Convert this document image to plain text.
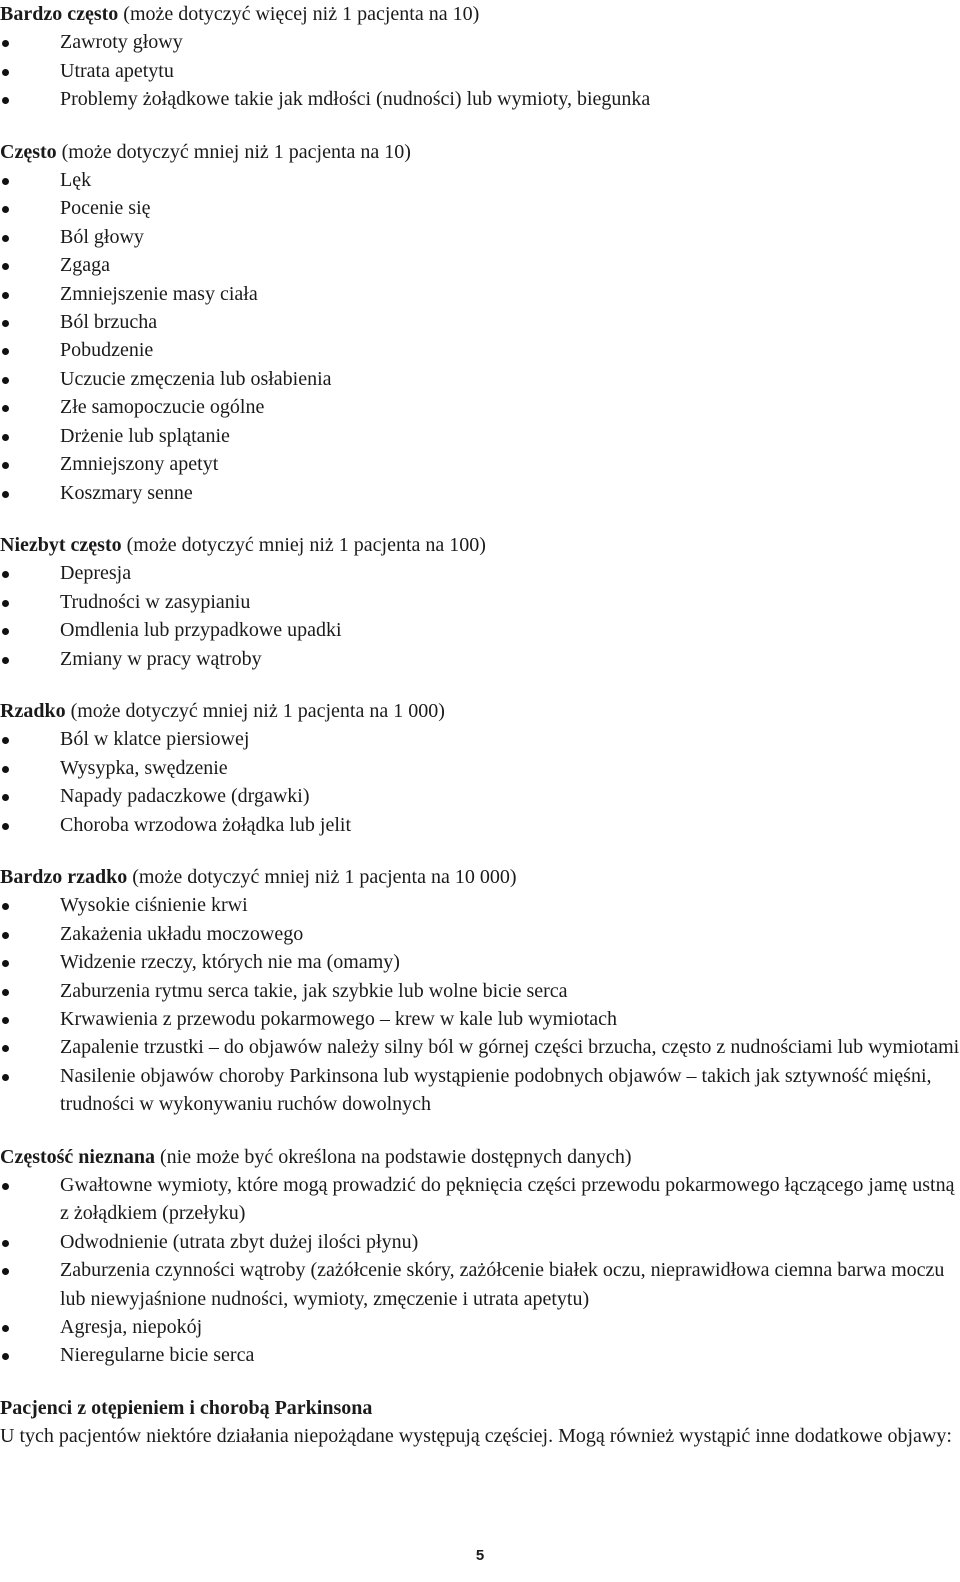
Bardzo często (może dotyczyć więcej niż 1 pacjenta na 10)

Zawroty głowy
Utrata apetytu
Problemy żołądkowe takie jak mdłości (nudności) lub wymioty, biegunka

Często (może dotyczyć mniej niż 1 pacjenta na 10)

Lęk
Pocenie się
Ból głowy
Zgaga
Zmniejszenie masy ciała
Ból brzucha
Pobudzenie
Uczucie zmęczenia lub osłabienia
Złe samopoczucie ogólne
Drżenie lub splątanie
Zmniejszony apetyt
Koszmary senne

Niezbyt często (może dotyczyć mniej niż 1 pacjenta na 100)

Depresja
Trudności w zasypianiu
Omdlenia lub przypadkowe upadki
Zmiany w pracy wątroby

Rzadko (może dotyczyć mniej niż 1 pacjenta na 1 000)

Ból w klatce piersiowej
Wysypka, swędzenie
Napady padaczkowe (drgawki)
Choroba wrzodowa żołądka lub jelit

Bardzo rzadko (może dotyczyć mniej niż 1 pacjenta na 10 000)

Wysokie ciśnienie krwi
Zakażenia układu moczowego
Widzenie rzeczy, których nie ma (omamy)
Zaburzenia rytmu serca takie, jak szybkie lub wolne bicie serca
Krwawienia z przewodu pokarmowego – krew w kale lub wymiotach
Zapalenie trzustki – do objawów należy silny ból w górnej części brzucha, często z nudnościami lub wymiotami
Nasilenie objawów choroby Parkinsona lub wystąpienie podobnych objawów – takich jak sztywność mięśni, trudności w wykonywaniu ruchów dowolnych

Częstość nieznana (nie może być określona na podstawie dostępnych danych)

Gwałtowne wymioty, które mogą prowadzić do pęknięcia części przewodu pokarmowego łączącego jamę ustną z żołądkiem (przełyku)
Odwodnienie (utrata zbyt dużej ilości płynu)
Zaburzenia czynności wątroby (zażółcenie skóry, zażółcenie białek oczu, nieprawidłowa ciemna barwa moczu lub niewyjaśnione nudności, wymioty, zmęczenie i utrata apetytu)
Agresja, niepokój
Nieregularne bicie serca

Pacjenci z otępieniem i chorobą Parkinsona

U tych pacjentów niektóre działania niepożądane występują częściej. Mogą również wystąpić inne dodatkowe objawy:

5
